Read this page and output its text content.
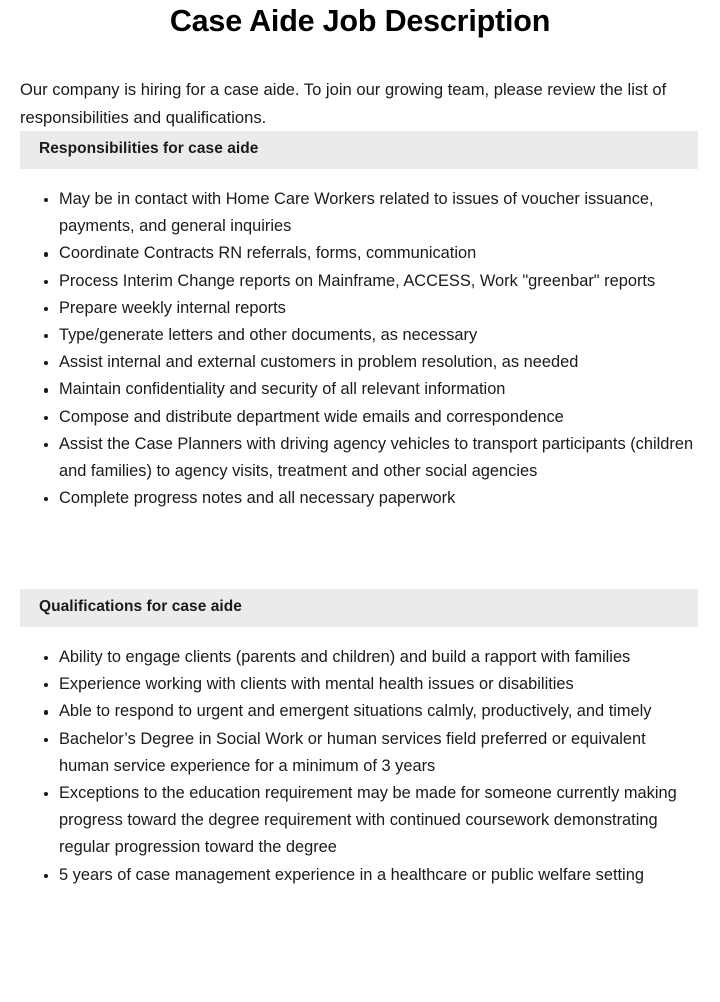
Case Aide Job Description

Our company is hiring for a case aide. To join our growing team, please review the list of responsibilities and qualifications.

Responsibilities for case aide
May be in contact with Home Care Workers related to issues of voucher issuance, payments, and general inquiries
Coordinate Contracts RN referrals, forms, communication
Process Interim Change reports on Mainframe, ACCESS, Work "greenbar" reports
Prepare weekly internal reports
Type/generate letters and other documents, as necessary
Assist internal and external customers in problem resolution, as needed
Maintain confidentiality and security of all relevant information
Compose and distribute department wide emails and correspondence
Assist the Case Planners with driving agency vehicles to transport participants (children and families) to agency visits, treatment and other social agencies
Complete progress notes and all necessary paperwork
Qualifications for case aide
Ability to engage clients (parents and children) and build a rapport with families
Experience working with clients with mental health issues or disabilities
Able to respond to urgent and emergent situations calmly, productively, and timely
Bachelor’s Degree in Social Work or human services field preferred or equivalent human service experience for a minimum of 3 years
Exceptions to the education requirement may be made for someone currently making progress toward the degree requirement with continued coursework demonstrating regular progression toward the degree
5 years of case management experience in a healthcare or public welfare setting
